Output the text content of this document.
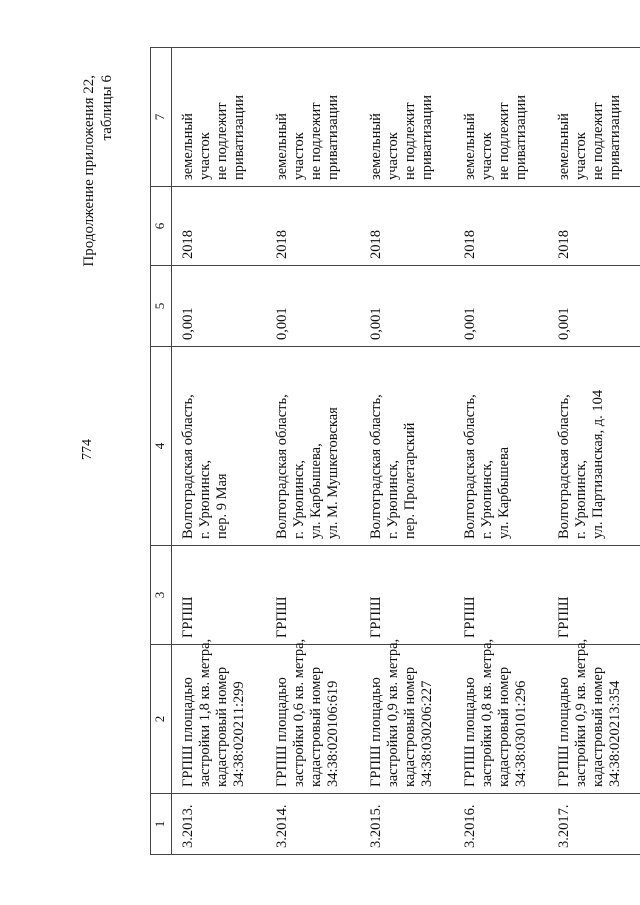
774
Продолжение приложения 22, таблицы 6
1	2	3	4	5	6	7
3.2013.	ГРПШ площадью застройки 1,8 кв. метра, кадастровый номер 34:38:020211:299	ГРПШ	Волгоградская область, г. Урюпинск, пер. 9 Мая	0,001	2018	земельный участок не подлежит приватизации

3.2014.	ГРПШ площадью застройки 0,6 кв. метра, кадастровый номер 34:38:020106:619	ГРПШ	Волгоградская область, г. Урюпинск, ул. Карбышева, ул. М. Мушкетовская	0,001	2018	земельный участок не подлежит приватизации

3.2015.	ГРПШ площадью застройки 0,9 кв. метра, кадастровый номер 34:38:030206:227	ГРПШ	Волгоградская область, г. Урюпинск, пер. Пролетарский	0,001	2018	земельный участок не подлежит приватизации

3.2016.	ГРПШ площадью застройки 0,8 кв. метра, кадастровый номер 34:38:030101:296	ГРПШ	Волгоградская область, г. Урюпинск, ул. Карбышева	0,001	2018	земельный участок не подлежит приватизации

3.2017.	ГРПШ площадью застройки 0,9 кв. метра, кадастровый номер 34:38:020213:354	ГРПШ	Волгоградская область, г. Урюпинск, ул. Партизанская, д. 104	0,001	2018	земельный участок не подлежит приватизации
